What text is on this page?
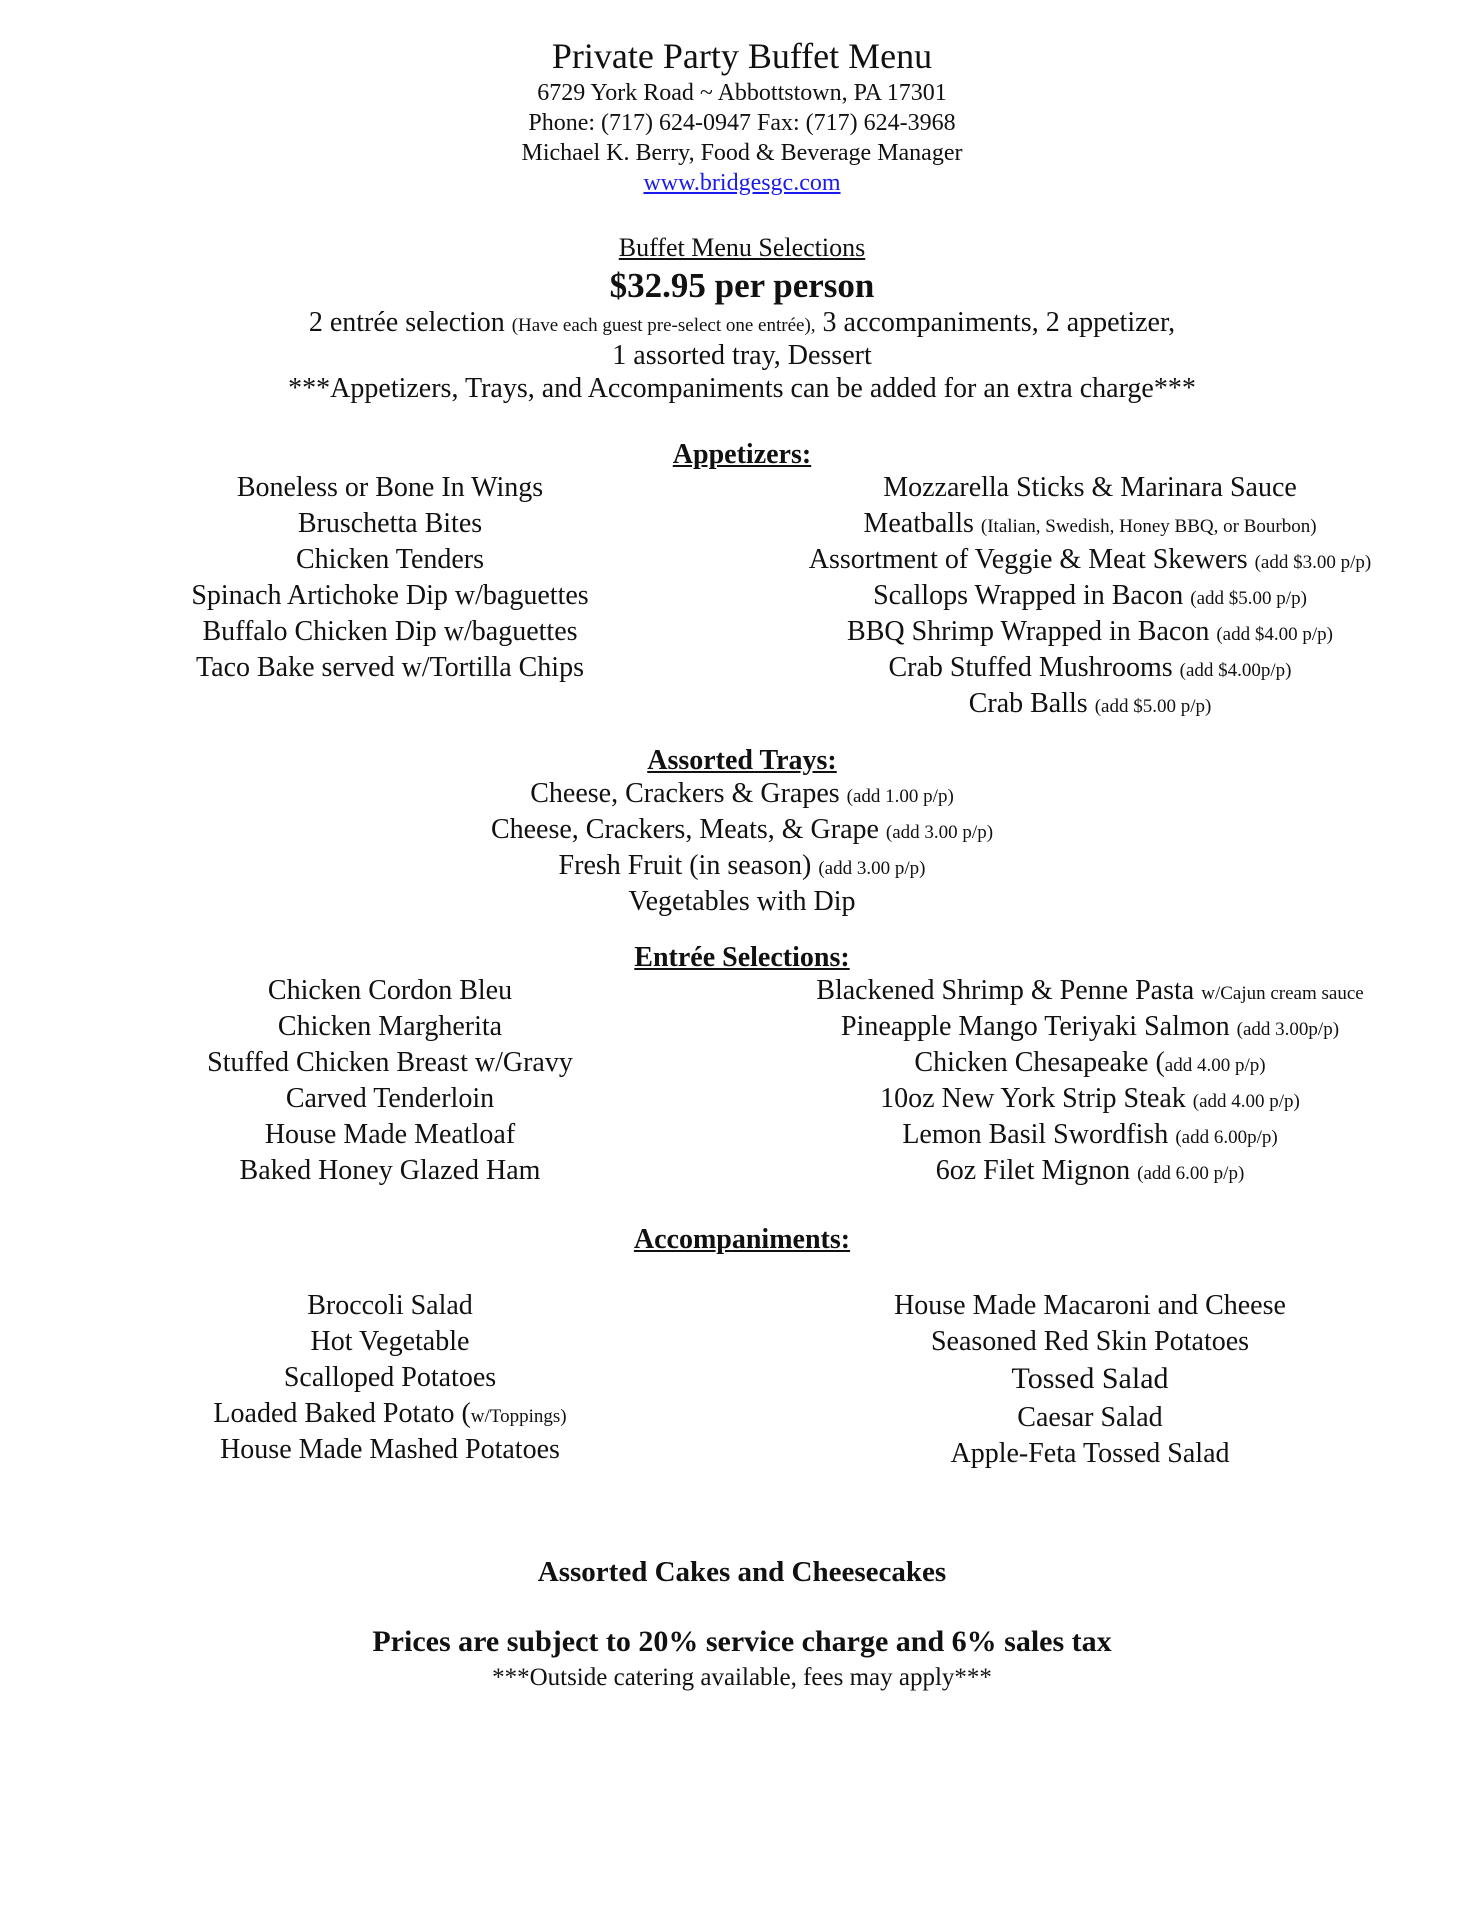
Private Party Buffet Menu
6729 York Road ~ Abbottstown, PA 17301
Phone: (717) 624-0947 Fax: (717) 624-3968
Michael K. Berry, Food & Beverage Manager
www.bridgesgc.com
Buffet Menu Selections
$32.95 per person
2 entrée selection (Have each guest pre-select one entrée), 3 accompaniments, 2 appetizer,
1 assorted tray, Dessert
***Appetizers, Trays, and Accompaniments can be added for an extra charge***
Appetizers:
Boneless or Bone In Wings
Bruschetta Bites
Chicken Tenders
Spinach Artichoke Dip w/baguettes
Buffalo Chicken Dip w/baguettes
Taco Bake served w/Tortilla Chips
Mozzarella Sticks & Marinara Sauce
Meatballs (Italian, Swedish, Honey BBQ, or Bourbon)
Assortment of Veggie & Meat Skewers (add $3.00 p/p)
Scallops Wrapped in Bacon (add $5.00 p/p)
BBQ Shrimp Wrapped in Bacon (add $4.00 p/p)
Crab Stuffed Mushrooms (add $4.00p/p)
Crab Balls (add $5.00 p/p)
Assorted Trays:
Cheese, Crackers & Grapes (add 1.00 p/p)
Cheese, Crackers, Meats, & Grape (add 3.00 p/p)
Fresh Fruit (in season) (add 3.00 p/p)
Vegetables with Dip
Entrée Selections:
Chicken Cordon Bleu
Chicken Margherita
Stuffed Chicken Breast w/Gravy
Carved Tenderloin
House Made Meatloaf
Baked Honey Glazed Ham
Blackened Shrimp & Penne Pasta w/Cajun cream sauce
Pineapple Mango Teriyaki Salmon (add 3.00p/p)
Chicken Chesapeake (add 4.00 p/p)
10oz New York Strip Steak (add 4.00 p/p)
Lemon Basil Swordfish (add 6.00p/p)
6oz Filet Mignon (add 6.00 p/p)
Accompaniments:
Broccoli Salad
Hot Vegetable
Scalloped Potatoes
Loaded Baked Potato (w/Toppings)
House Made Mashed Potatoes
House Made Macaroni and Cheese
Seasoned Red Skin Potatoes
Tossed Salad
Caesar Salad
Apple-Feta Tossed Salad
Assorted Cakes and Cheesecakes
Prices are subject to 20% service charge and 6% sales tax
***Outside catering available, fees may apply***
